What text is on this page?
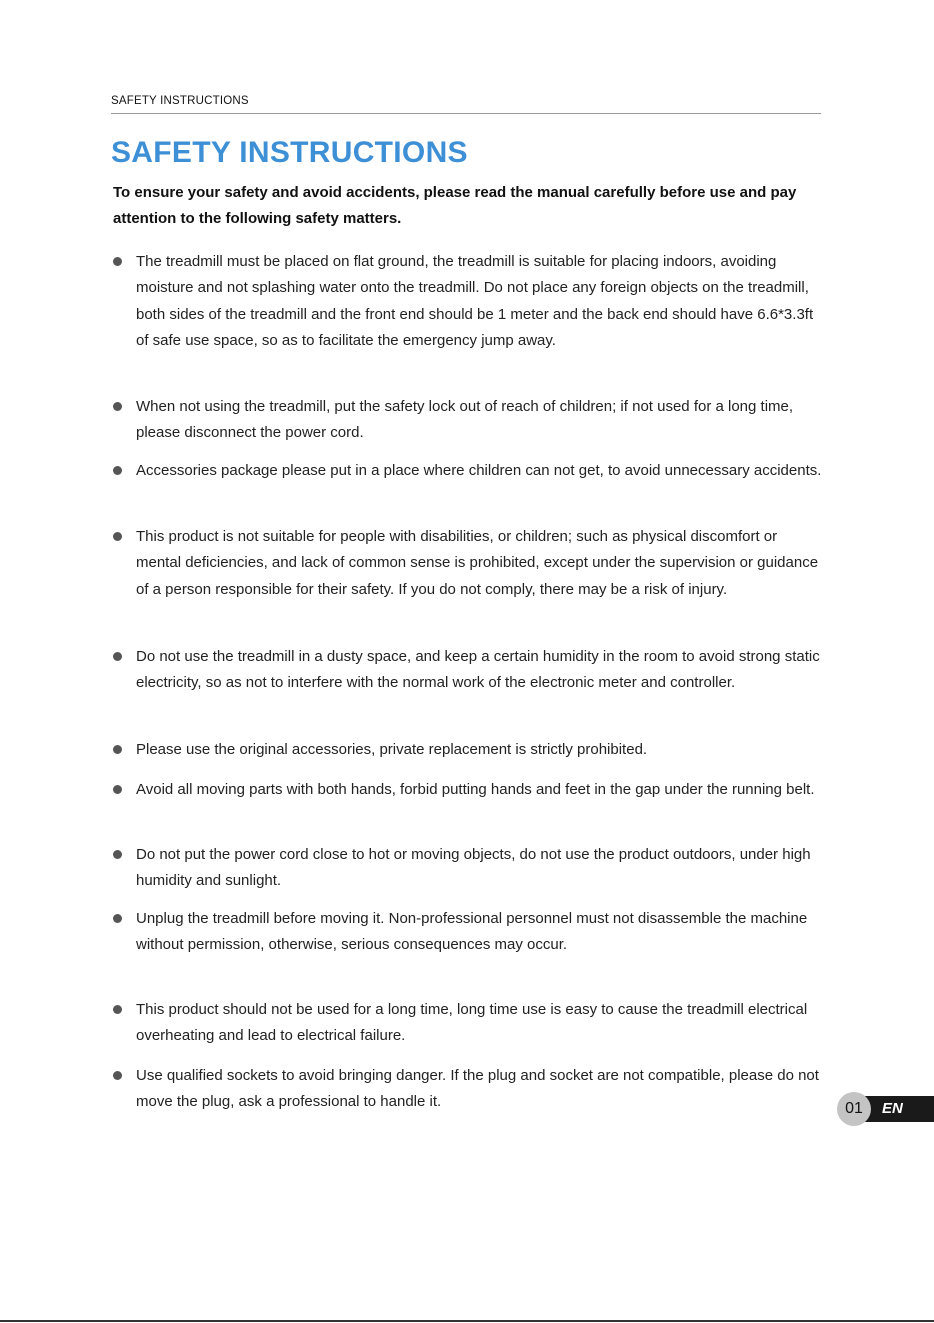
SAFETY INSTRUCTIONS
SAFETY INSTRUCTIONS

To ensure your safety and avoid accidents, please read the manual carefully before use and pay attention to the following safety matters.

The treadmill must be placed on flat ground, the treadmill is suitable for placing indoors, avoiding moisture and not splashing water onto the treadmill. Do not place any foreign objects on the treadmill, both sides of the treadmill and the front end should be 1 meter and the back end should have 6.6*3.3ft of safe use space, so as to facilitate the emergency jump away.
When not using the treadmill, put the safety lock out of reach of children; if not used for a long time, please disconnect the power cord.
Accessories package please put in a place where children can not get, to avoid unnecessary accidents.
This product is not suitable for people with disabilities, or children; such as physical discomfort or mental deficiencies, and lack of common sense is prohibited, except under the supervision or guidance of a person responsible for their safety. If you do not comply, there may be a risk of injury.
Do not use the treadmill in a dusty space, and keep a certain humidity in the room to avoid strong static electricity, so as not to interfere with the normal work of the electronic meter and controller.
Please use the original accessories, private replacement is strictly prohibited.
Avoid all moving parts with both hands, forbid putting hands and feet in the gap under the running belt.
Do not put the power cord close to hot or moving objects, do not use the product outdoors, under high humidity and sunlight.
Unplug the treadmill before moving it. Non-professional personnel must not disassemble the machine without permission, otherwise, serious consequences may occur.
This product should not be used for a long time, long time use is easy to cause the treadmill electrical overheating and lead to electrical failure.
Use qualified sockets to avoid bringing danger. If the plug and socket are not compatible, please do not move the plug, ask a professional to handle it.	01	EN
